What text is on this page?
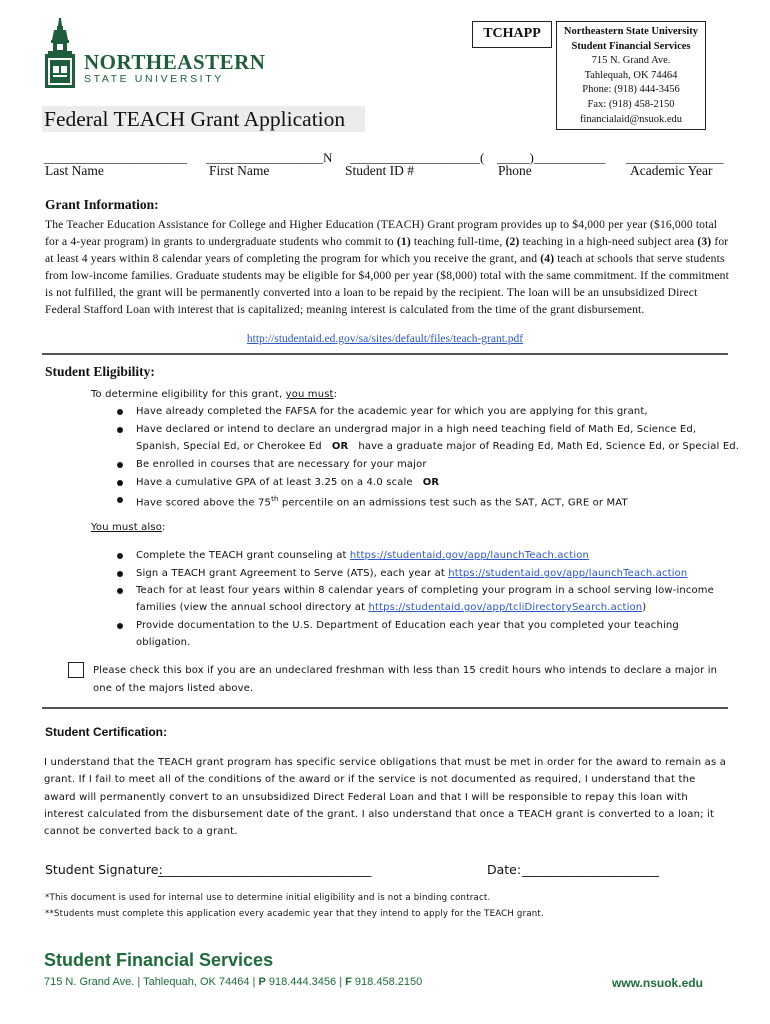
NORTHEASTERN
STATE UNIVERSITY
TCHAPP	Northeastern State University
Student Financial Services
715 N. Grand Ave.
Tahlequah, OK 74464
Phone: (918) 444-3456
Fax: (918) 458-2150
financialaid@nsuok.edu
Federal TEACH Grant Application
______________________ __________________N ____________________( _____)___________ _______________
Last Name	First Name	Student ID #	Phone	Academic Year
Grant Information:
The Teacher Education Assistance for College and Higher Education (TEACH) Grant program provides up to $4,000 per year ($16,000 total for a 4-year program) in grants to undergraduate students who commit to (1) teaching full-time, (2) teaching in a high-need subject area (3) for at least 4 years within 8 calendar years of completing the program for which you receive the grant, and (4) teach at schools that serve students from low-income families. Graduate students may be eligible for $4,000 per year ($8,000) total with the same commitment. If the commitment is not fulfilled, the grant will be permanently converted into a loan to be repaid by the recipient. The loan will be an unsubsidized Direct Federal Stafford Loan with interest that is capitalized; meaning interest is calculated from the time of the grant disbursement.
http://studentaid.ed.gov/sa/sites/default/files/teach-grant.pdf
Student Eligibility:
To determine eligibility for this grant, you must:
Have already completed the FAFSA for the academic year for which you are applying for this grant,
Have declared or intend to declare an undergrad major in a high need teaching field of Math Ed, Science Ed,
Spanish, Special Ed, or Cherokee Ed OR have a graduate major of Reading Ed, Math Ed, Science Ed, or Special Ed.
Be enrolled in courses that are necessary for your major
Have a cumulative GPA of at least 3.25 on a 4.0 scale OR
Have scored above the 75th percentile on an admissions test such as the SAT, ACT, GRE or MAT
You must also:
Complete the TEACH grant counseling at https://studentaid.gov/app/launchTeach.action
Sign a TEACH grant Agreement to Serve (ATS), each year at https://studentaid.gov/app/launchTeach.action
Teach for at least four years within 8 calendar years of completing your program in a school serving low-income
families (view the annual school directory at https://studentaid.gov/app/tcliDirectorySearch.action)
Provide documentation to the U.S. Department of Education each year that you completed your teaching
obligation.
Please check this box if you are an undeclared freshman with less than 15 credit hours who intends to declare a major in
one of the majors listed above.
Student Certification:
I understand that the TEACH grant program has specific service obligations that must be met in order for the award to remain as a grant. If I fail to meet all of the conditions of the award or if the service is not documented as required, I understand that the award will permanently convert to an unsubsidized Direct Federal Loan and that I will be responsible to repay this loan with interest calculated from the disbursement date of the grant. I also understand that once a TEACH grant is converted to a loan; it cannot be converted back to a grant.
Student Signature:
_______________________________________	Date: _________________________
*This document is used for internal use to determine initial eligibility and is not a binding contract.
**Students must complete this application every academic year that they intend to apply for the TEACH grant.
Student Financial Services
715 N. Grand Ave. | Tahlequah, OK 74464 | P 918.444.3456 | F 918.458.2150	www.nsuok.edu
